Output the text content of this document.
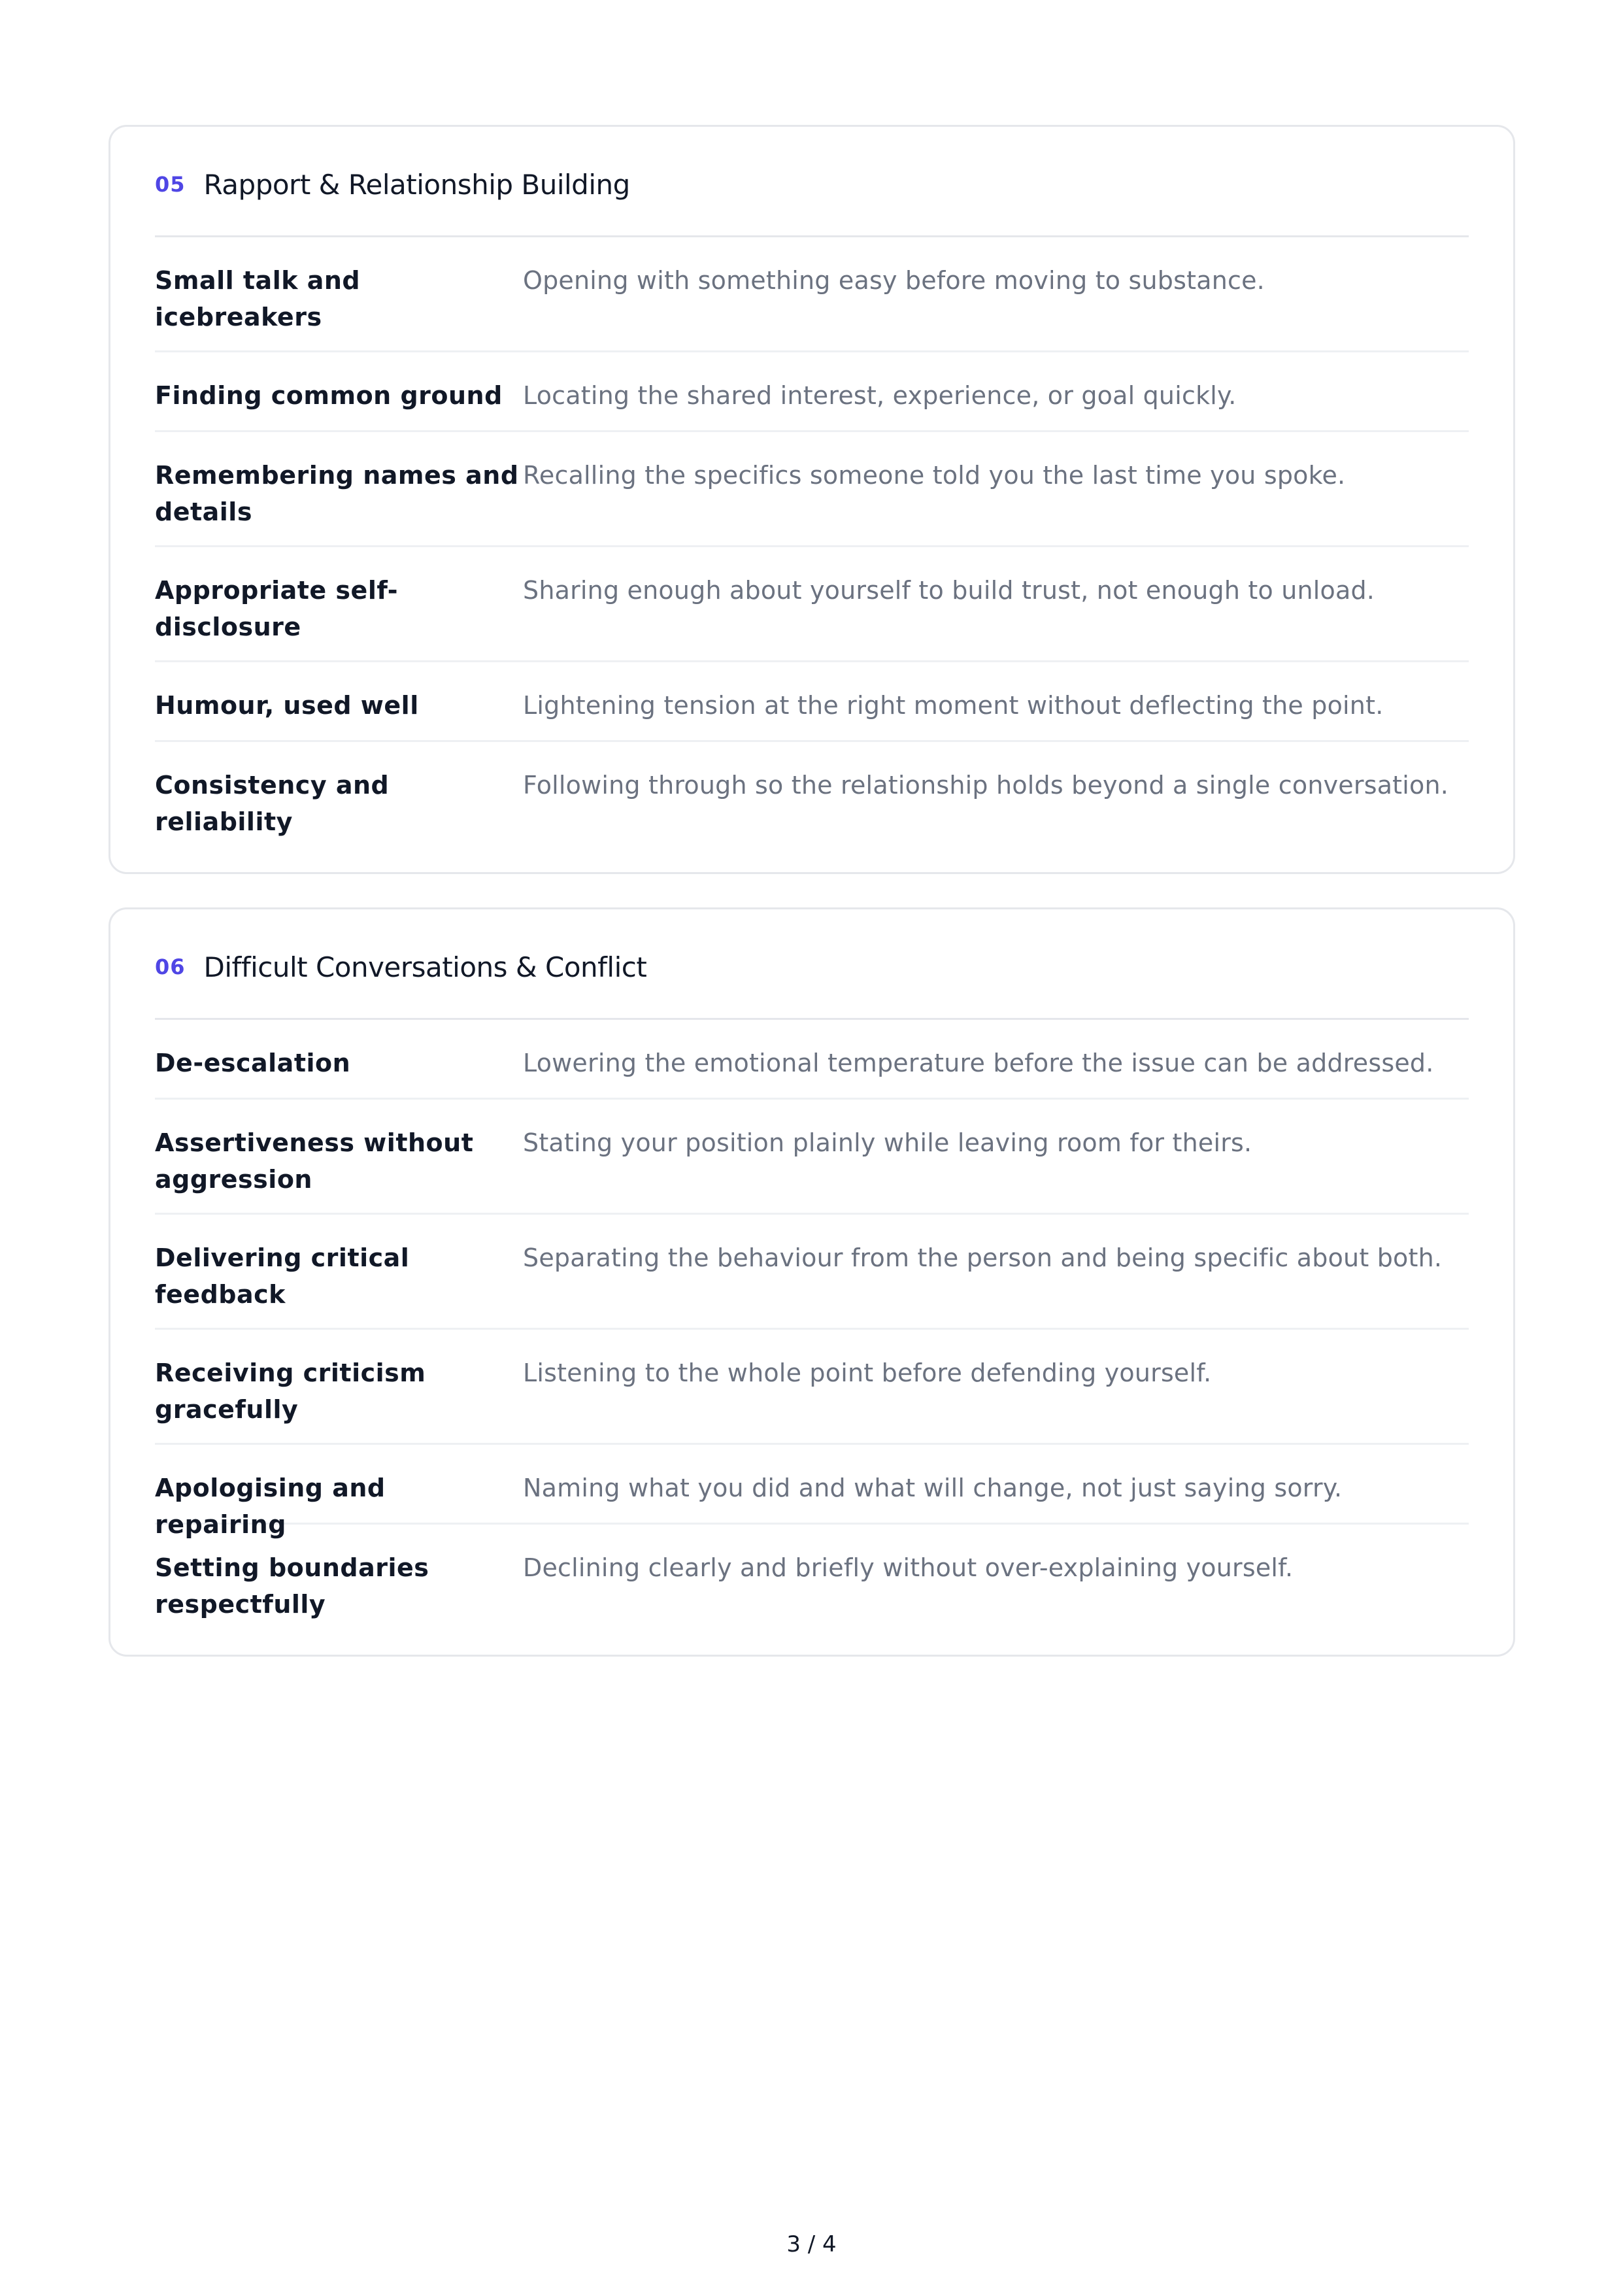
05 Rapport & Relationship Building
Small talk and icebreakers
Opening with something easy before moving to substance.
Finding common ground Locating the shared interest, experience, or goal quickly.
Remembering names and details
Recalling the specifics someone told you the last time you spoke.
Appropriate self-disclosure
Sharing enough about yourself to build trust, not enough to unload.
Humour, used well	Lightening tension at the right moment without deflecting the point.
Consistency and reliability
Following through so the relationship holds beyond a single conversation.
06 Difficult Conversations & Conflict
De-escalation	Lowering the emotional temperature before the issue can be addressed.
Assertiveness without aggression
Stating your position plainly while leaving room for theirs.
Delivering critical feedback
Separating the behaviour from the person and being specific about both.
Receiving criticism gracefully
Listening to the whole point before defending yourself.
Apologising and repairing
Naming what you did and what will change, not just saying sorry.
Setting boundaries respectfully
Declining clearly and briefly without over-explaining yourself.
3 / 4
